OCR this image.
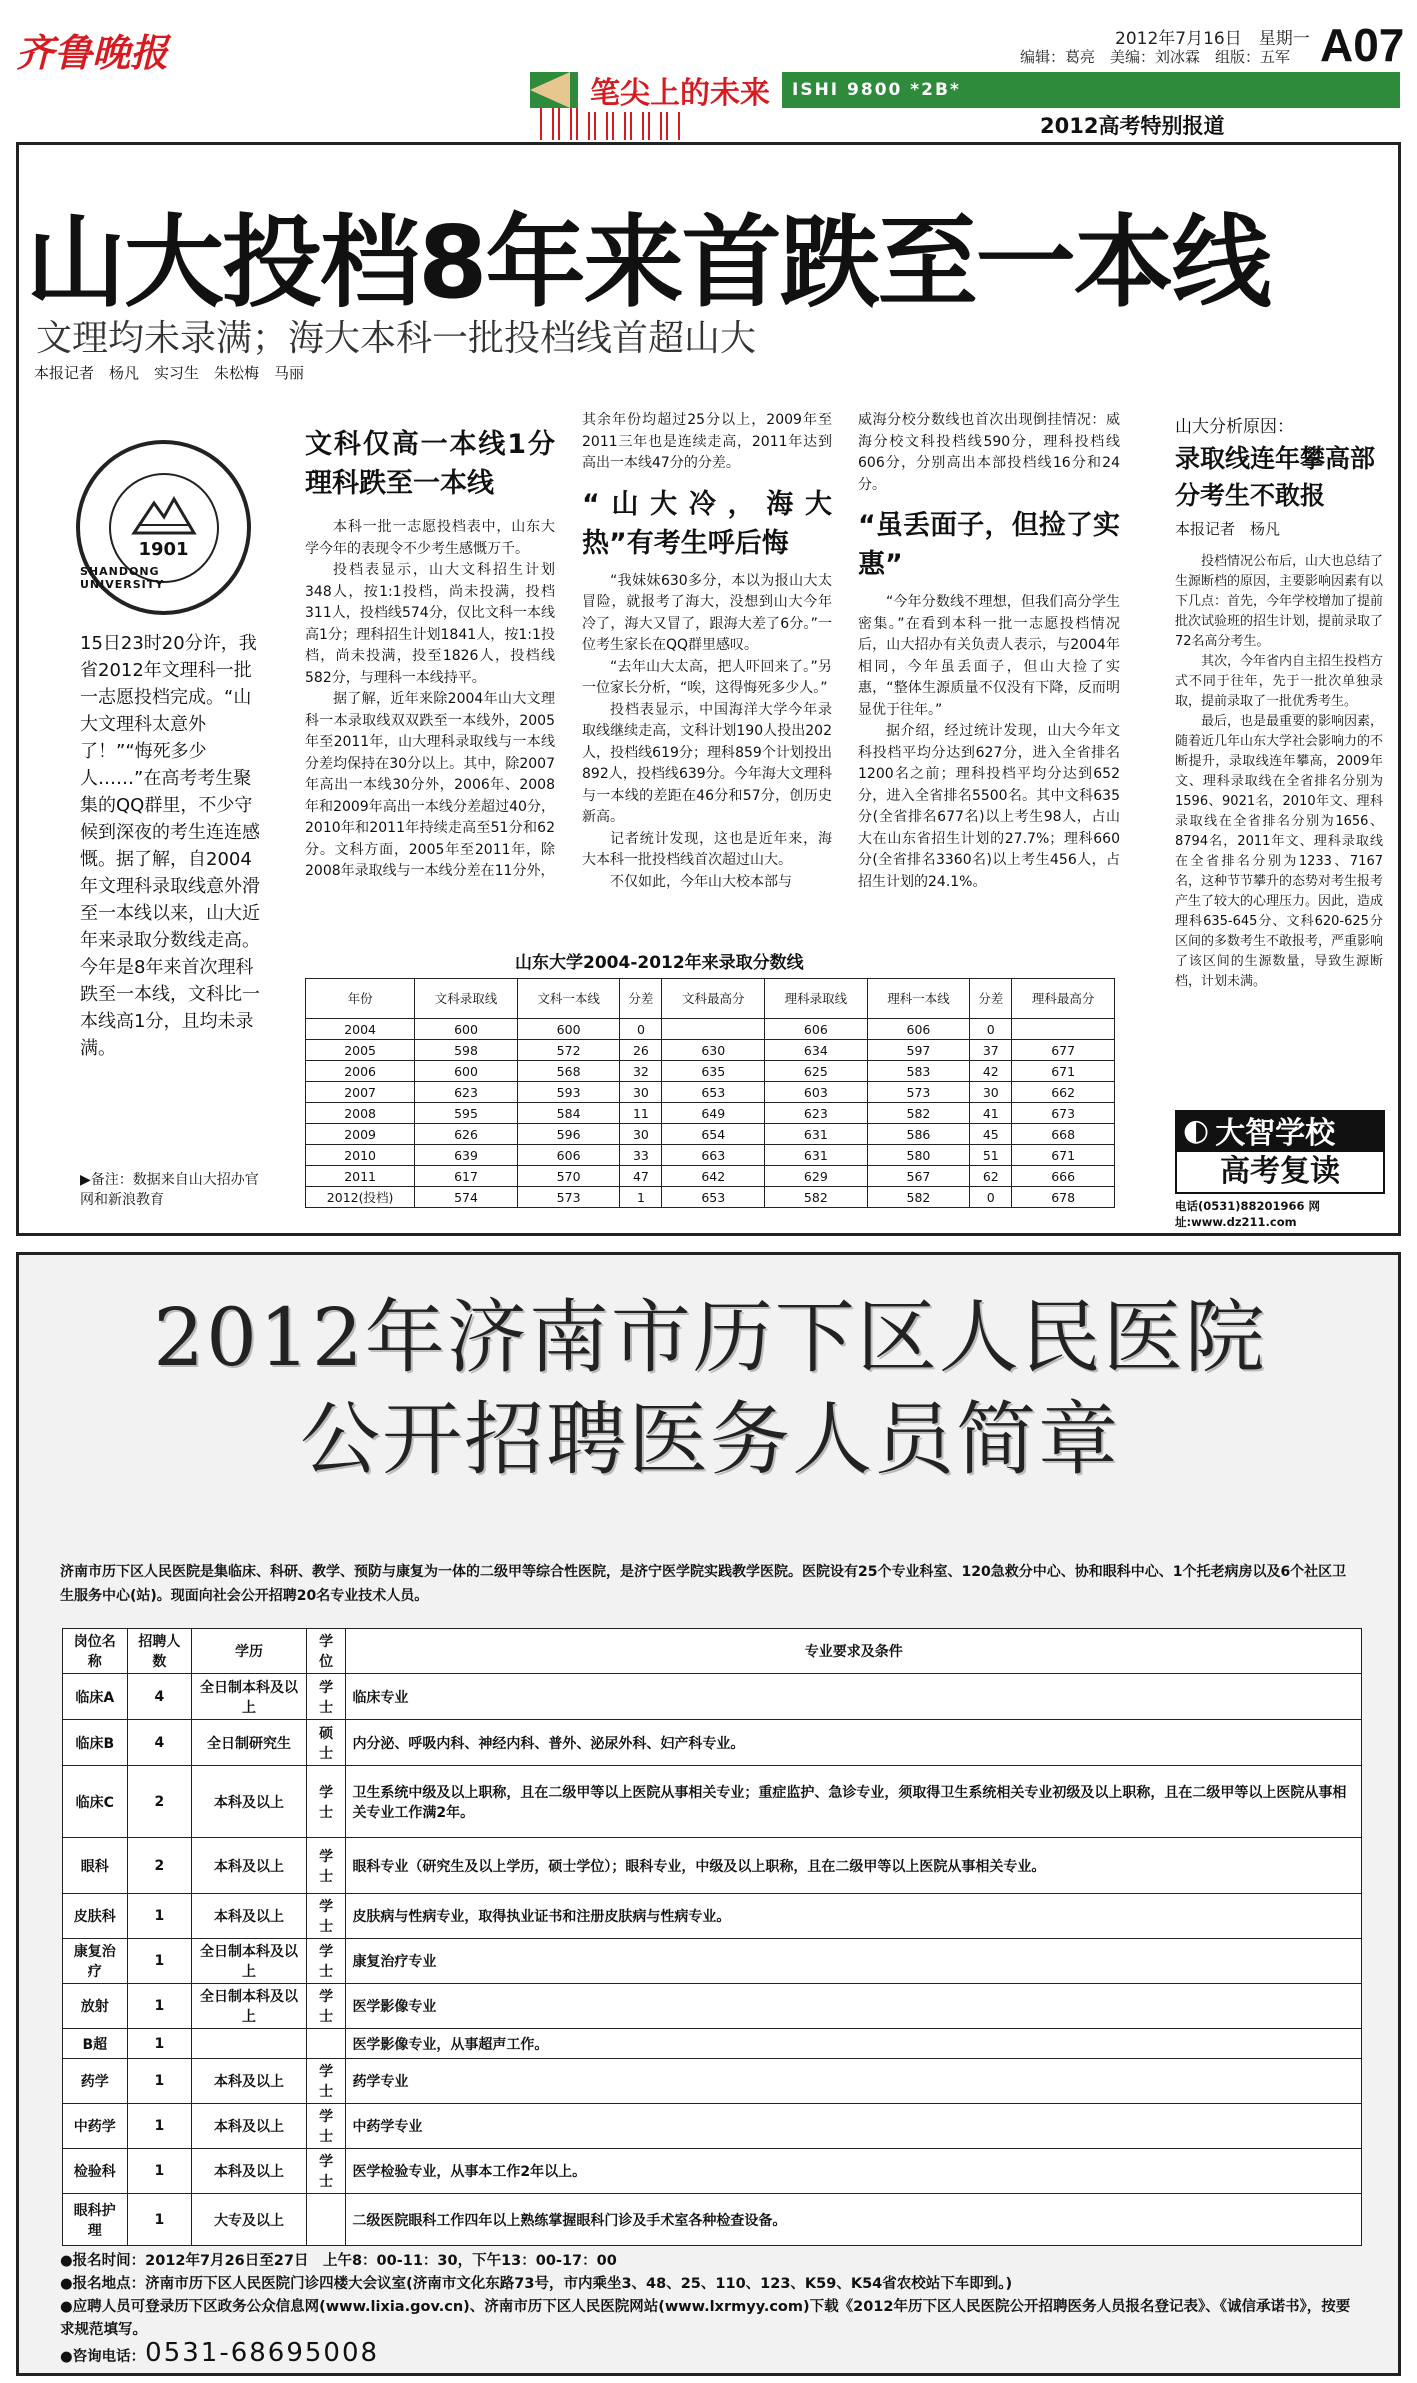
齐鲁晚报	2012年7月16日　星期一
编辑：葛亮　美编：刘冰霖　组版：五军 A07
笔尖上的未来	ISHI 9800 *2B*
2012高考特别报道
山大投档8年来首跌至一本线
文理均未录满；海大本科一批投档线首超山大
本报记者　杨凡　实习生　朱松梅　马丽
1901
SHANDONG UNIVERSITY
15日23时20分许，我省2012年文理科一批一志愿投档完成。“山大文理科太意外了！”“悔死多少人……”在高考考生聚集的QQ群里，不少守候到深夜的考生连连感慨。据了解，自2004年文理科录取线意外滑至一本线以来，山大近年来录取分数线走高。今年是8年来首次理科跌至一本线，文科比一本线高1分，且均未录满。
▶备注：数据来自山大招办官网和新浪教育
文科仅高一本线1分理科跌至一本线

本科一批一志愿投档表中，山东大学今年的表现令不少考生感慨万千。

投档表显示，山大文科招生计划348人，按1:1投档，尚未投满，投档311人，投档线574分，仅比文科一本线高1分；理科招生计划1841人，按1:1投档，尚未投满，投至1826人，投档线582分，与理科一本线持平。

据了解，近年来除2004年山大文理科一本录取线双双跌至一本线外，2005年至2011年，山大理科录取线与一本线分差均保持在30分以上。其中，除2007年高出一本线30分外，2006年、2008年和2009年高出一本线分差超过40分，2010年和2011年持续走高至51分和62分。文科方面，2005年至2011年，除2008年录取线与一本线分差在11分外，

其余年份均超过25分以上，2009年至2011三年也是连续走高，2011年达到高出一本线47分的分差。

“山大冷，海大热”有考生呼后悔

“我妹妹630多分，本以为报山大太冒险，就报考了海大，没想到山大今年冷了，海大又冒了，跟海大差了6分。”一位考生家长在QQ群里感叹。

“去年山大太高，把人吓回来了。”另一位家长分析，“唉，这得悔死多少人。”

投档表显示，中国海洋大学今年录取线继续走高，文科计划190人投出202人，投档线619分；理科859个计划投出892人，投档线639分。今年海大文理科与一本线的差距在46分和57分，创历史新高。

记者统计发现，这也是近年来，海大本科一批投档线首次超过山大。

不仅如此，今年山大校本部与

威海分校分数线也首次出现倒挂情况：威海分校文科投档线590分，理科投档线606分，分别高出本部投档线16分和24分。

“虽丢面子，但捡了实惠”

“今年分数线不理想，但我们高分学生密集。”在看到本科一批一志愿投档情况后，山大招办有关负责人表示，与2004年相同，今年虽丢面子，但山大捡了实惠，“整体生源质量不仅没有下降，反而明显优于往年。”

据介绍，经过统计发现，山大今年文科投档平均分达到627分，进入全省排名1200名之前；理科投档平均分达到652分，进入全省排名5500名。其中文科635分(全省排名677名)以上考生98人，占山大在山东省招生计划的27.7%；理科660分(全省排名3360名)以上考生456人，占招生计划的24.1%。

山大分析原因：
录取线连年攀高部分考生不敢报
本报记者　杨凡

投档情况公布后，山大也总结了生源断档的原因，主要影响因素有以下几点：首先，今年学校增加了提前批次试验班的招生计划，提前录取了72名高分考生。

其次，今年省内自主招生投档方式不同于往年，先于一批次单独录取，提前录取了一批优秀考生。

最后，也是最重要的影响因素，随着近几年山东大学社会影响力的不断提升，录取线连年攀高，2009年文、理科录取线在全省排名分别为1596、9021名，2010年文、理科录取线在全省排名分别为1656、8794名，2011年文、理科录取线在全省排名分别为1233、7167名，这种节节攀升的态势对考生报考产生了较大的心理压力。因此，造成理科635-645分、文科620-625分区间的多数考生不敢报考，严重影响了该区间的生源数量，导致生源断档，计划未满。

山东大学2004-2012年来录取分数线
年份	文科录取线	文科一本线	分差	文科最高分	理科录取线	理科一本线	分差	理科最高分
2004	600	600	0		606	606	0	
2005	598	572	26	630	634	597	37	677
2006	600	568	32	635	625	583	42	671
2007	623	593	30	653	603	573	30	662
2008	595	584	11	649	623	582	41	673
2009	626	596	30	654	631	586	45	668
2010	639	606	33	663	631	580	51	671
2011	617	570	47	642	629	567	62	666
2012(投档)	574	573	1	653	582	582	0	678
◐ 大智学校
高考复读
电话(0531)88201966 网址:www.dz211.com
2012年济南市历下区人民医院
公开招聘医务人员简章
济南市历下区人民医院是集临床、科研、教学、预防与康复为一体的二级甲等综合性医院，是济宁医学院实践教学医院。医院设有25个专业科室、120急救分中心、协和眼科中心、1个托老病房以及6个社区卫生服务中心(站)。现面向社会公开招聘20名专业技术人员。
岗位名称	招聘人数	学历	学位	专业要求及条件
临床A	4	全日制本科及以上	学士	临床专业
临床B	4	全日制研究生	硕士	内分泌、呼吸内科、神经内科、普外、泌尿外科、妇产科专业。
临床C	2	本科及以上	学士	卫生系统中级及以上职称，且在二级甲等以上医院从事相关专业；重症监护、急诊专业，须取得卫生系统相关专业初级及以上职称，且在二级甲等以上医院从事相关专业工作满2年。
眼科	2	本科及以上	学士	眼科专业（研究生及以上学历，硕士学位）；眼科专业，中级及以上职称，且在二级甲等以上医院从事相关专业。
皮肤科	1	本科及以上	学士	皮肤病与性病专业，取得执业证书和注册皮肤病与性病专业。
康复治疗	1	全日制本科及以上	学士	康复治疗专业
放射	1	全日制本科及以上	学士	医学影像专业
B超	1			医学影像专业，从事超声工作。
药学	1	本科及以上	学士	药学专业
中药学	1	本科及以上	学士	中药学专业
检验科	1	本科及以上	学士	医学检验专业，从事本工作2年以上。
眼科护理	1	大专及以上		二级医院眼科工作四年以上熟练掌握眼科门诊及手术室各种检查设备。
●报名时间：2012年7月26日至27日　上午8：00-11：30，下午13：00-17：00
●报名地点：济南市历下区人民医院门诊四楼大会议室(济南市文化东路73号，市内乘坐3、48、25、110、123、K59、K54省农校站下车即到。)
●应聘人员可登录历下区政务公众信息网(www.lixia.gov.cn)、济南市历下区人民医院网站(www.lxrmyy.com)下载《2012年历下区人民医院公开招聘医务人员报名登记表》、《诚信承诺书》，按要求规范填写。
●咨询电话：0531-68695008
